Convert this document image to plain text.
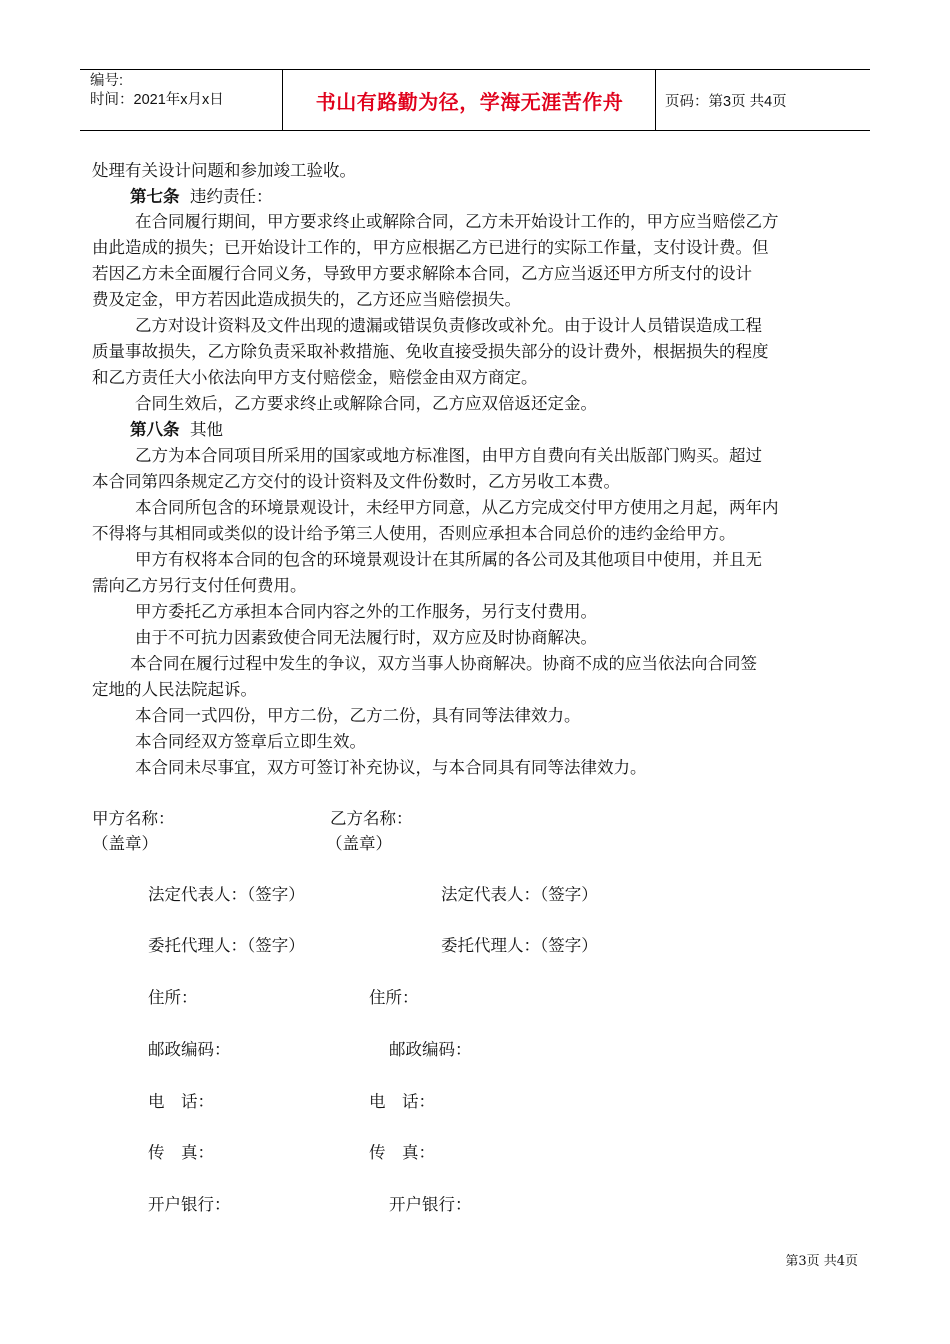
编号:
时间：2021年x月x日	书山有路勤为径，学海无涯苦作舟	页码：第3页 共4页
处理有关设计问题和参加竣工验收。
第七条 违约责任：
在合同履行期间，甲方要求终止或解除合同，乙方未开始设计工作的，甲方应当赔偿乙方
由此造成的损失；已开始设计工作的，甲方应根据乙方已进行的实际工作量，支付设计费。但
若因乙方未全面履行合同义务，导致甲方要求解除本合同，乙方应当返还甲方所支付的设计
费及定金，甲方若因此造成损失的，乙方还应当赔偿损失。
乙方对设计资料及文件出现的遗漏或错误负责修改或补允。由于设计人员错误造成工程
质量事故损失，乙方除负责采取补救措施、免收直接受损失部分的设计费外，根据损失的程度
和乙方责任大小依法向甲方支付赔偿金，赔偿金由双方商定。
合同生效后，乙方要求终止或解除合同，乙方应双倍返还定金。
第八条 其他
乙方为本合同项目所采用的国家或地方标准图，由甲方自费向有关出版部门购买。超过
本合同第四条规定乙方交付的设计资料及文件份数时，乙方另收工本费。
本合同所包含的环境景观设计，未经甲方同意，从乙方完成交付甲方使用之月起，两年内
不得将与其相同或类似的设计给予第三人使用，否则应承担本合同总价的违约金给甲方。
甲方有权将本合同的包含的环境景观设计在其所属的各公司及其他项目中使用，并且无
需向乙方另行支付任何费用。
甲方委托乙方承担本合同内容之外的工作服务，另行支付费用。
由于不可抗力因素致使合同无法履行时，双方应及时协商解决。
本合同在履行过程中发生的争议，双方当事人协商解决。协商不成的应当依法向合同签
定地的人民法院起诉。
本合同一式四份，甲方二份，乙方二份，具有同等法律效力。
本合同经双方签章后立即生效。
本合同未尽事宜，双方可签订补充协议，与本合同具有同等法律效力。
甲方名称：	乙方名称：
（盖章）	（盖章）
法定代表人：（签字）	法定代表人：（签字）
委托代理人：（签字）	委托代理人：（签字）
住所：	住所：
邮政编码：	邮政编码：
电　话：	电　话：
传　真：	传　真：
开户银行：	开户银行：
第3页 共4页
